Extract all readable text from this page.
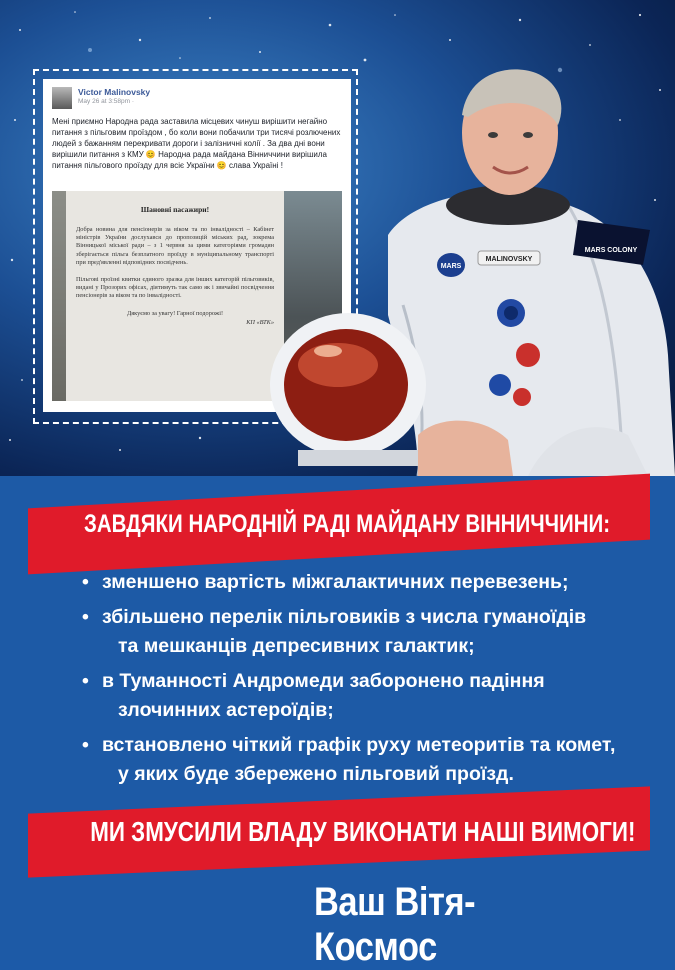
Victor Malinovsky
May 26 at 3:58pm ·
Мені приємно Народна рада заставила місцевих чинуш вирішити негайно питання з пільговим проїздом , бо коли вони побачили три тисячі розлючених людей з бажанням перекривати дороги і залізничні колії . За два дні вони вирішили питання з КМУ 😊 Народна рада майдана Вінниччини вирішила питання пільгового проїзду для всіє України 😊 слава Україні !
Шановні пасажири!
Добра новина для пенсіонерів за віком та по інвалідності – Кабінет міністрів України дослухався до пропозицій міських рад, зокрема Вінницької міської ради – з 1 червня за цими категоріями громадян зберігається пільга безплатного проїзду в муніципальному транспорті при пред'явленні відповідних посвідчень.
Пільгові проїзні квитки єдиного зразка для інших категорій пільговиків, видані у Прозорих офісах, діятимуть так само як і звичайні посвідчення пенсіонерів за віком та по інвалідності.
Дякуємо за увагу! Гарної подорожі!
КП «ВТК»
MARS
MALINOVSKY
MARS COLONY
ЗАВДЯКИ НАРОДНІЙ РАДІ МАЙДАНУ ВІННИЧЧИНИ:
• зменшено вартість міжгалактичних перевезень;
• збільшено перелік пільговиків з числа гуманоїдів
та мешканців депресивних галактик;
• в Туманності Андромеди заборонено падіння
злочинних астероїдів;
• встановлено чіткий графік руху метеоритів та комет,
у яких буде збережено пільговий проїзд.
МИ ЗМУСИЛИ ВЛАДУ ВИКОНАТИ НАШІ ВИМОГИ!
Ваш Вітя-Космос
